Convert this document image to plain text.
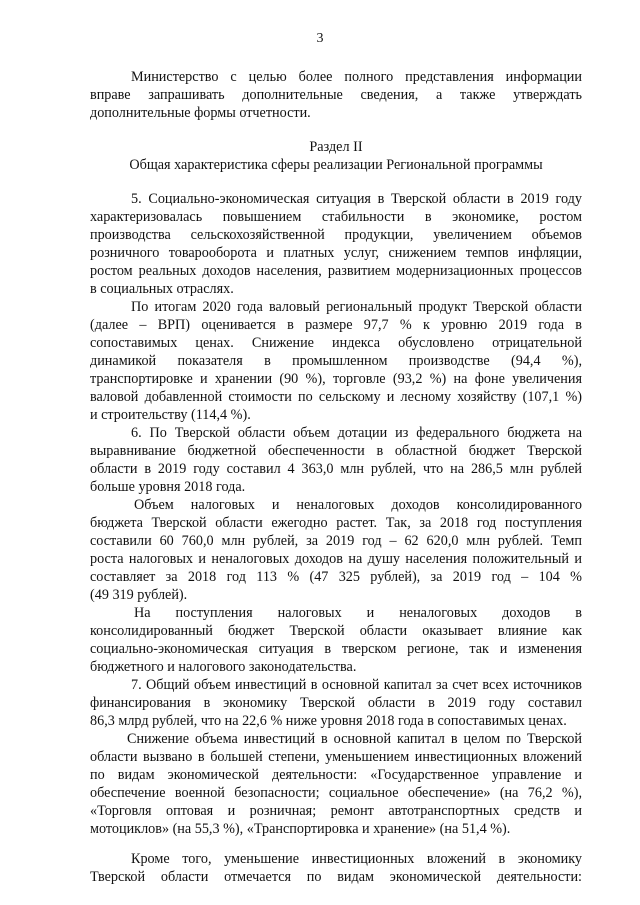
3
Министерство с целью более полного представления информации
вправе запрашивать дополнительные сведения, а также утверждать
дополнительные формы отчетности.
Раздел II
Общая характеристика сферы реализации Региональной программы
5. Социально-экономическая ситуация в Тверской области в 2019 году
характеризовалась повышением стабильности в экономике, ростом
производства сельскохозяйственной продукции, увеличением объемов
розничного товарооборота и платных услуг, снижением темпов инфляции,
ростом реальных доходов населения, развитием модернизационных процессов
в социальных отраслях.
По итогам 2020 года валовый региональный продукт Тверской области
(далее – ВРП) оценивается в размере 97,7 % к уровню 2019 года в
сопоставимых ценах. Снижение индекса обусловлено отрицательной
динамикой показателя в промышленном производстве (94,4 %),
транспортировке и хранении (90 %), торговле (93,2 %) на фоне увеличения
валовой добавленной стоимости по сельскому и лесному хозяйству (107,1 %)
и строительству (114,4 %).
6. По Тверской области объем дотации из федерального бюджета на
выравнивание бюджетной обеспеченности в областной бюджет Тверской
области в 2019 году составил 4 363,0 млн рублей, что на 286,5 млн рублей
больше уровня 2018 года.
Объем налоговых и неналоговых доходов консолидированного
бюджета Тверской области ежегодно растет. Так, за 2018 год поступления
составили 60 760,0 млн рублей, за 2019 год – 62 620,0 млн рублей. Темп
роста налоговых и неналоговых доходов на душу населения положительный и
составляет за 2018 год 113 % (47 325 рублей), за 2019 год – 104 %
(49 319 рублей).
На поступления налоговых и неналоговых доходов в
консолидированный бюджет Тверской области оказывает влияние как
социально-экономическая ситуация в тверском регионе, так и изменения
бюджетного и налогового законодательства.
7. Общий объем инвестиций в основной капитал за счет всех источников
финансирования в экономику Тверской области в 2019 году составил
86,3 млрд рублей, что на 22,6 % ниже уровня 2018 года в сопоставимых ценах.
Снижение объема инвестиций в основной капитал в целом по Тверской
области вызвано в большей степени, уменьшением инвестиционных вложений
по видам экономической деятельности: «Государственное управление и
обеспечение военной безопасности; социальное обеспечение» (на 76,2 %),
«Торговля оптовая и розничная; ремонт автотранспортных средств и
мотоциклов» (на 55,3 %), «Транспортировка и хранение» (на 51,4 %).
Кроме того, уменьшение инвестиционных вложений в экономику
Тверской области отмечается по видам экономической деятельности:
